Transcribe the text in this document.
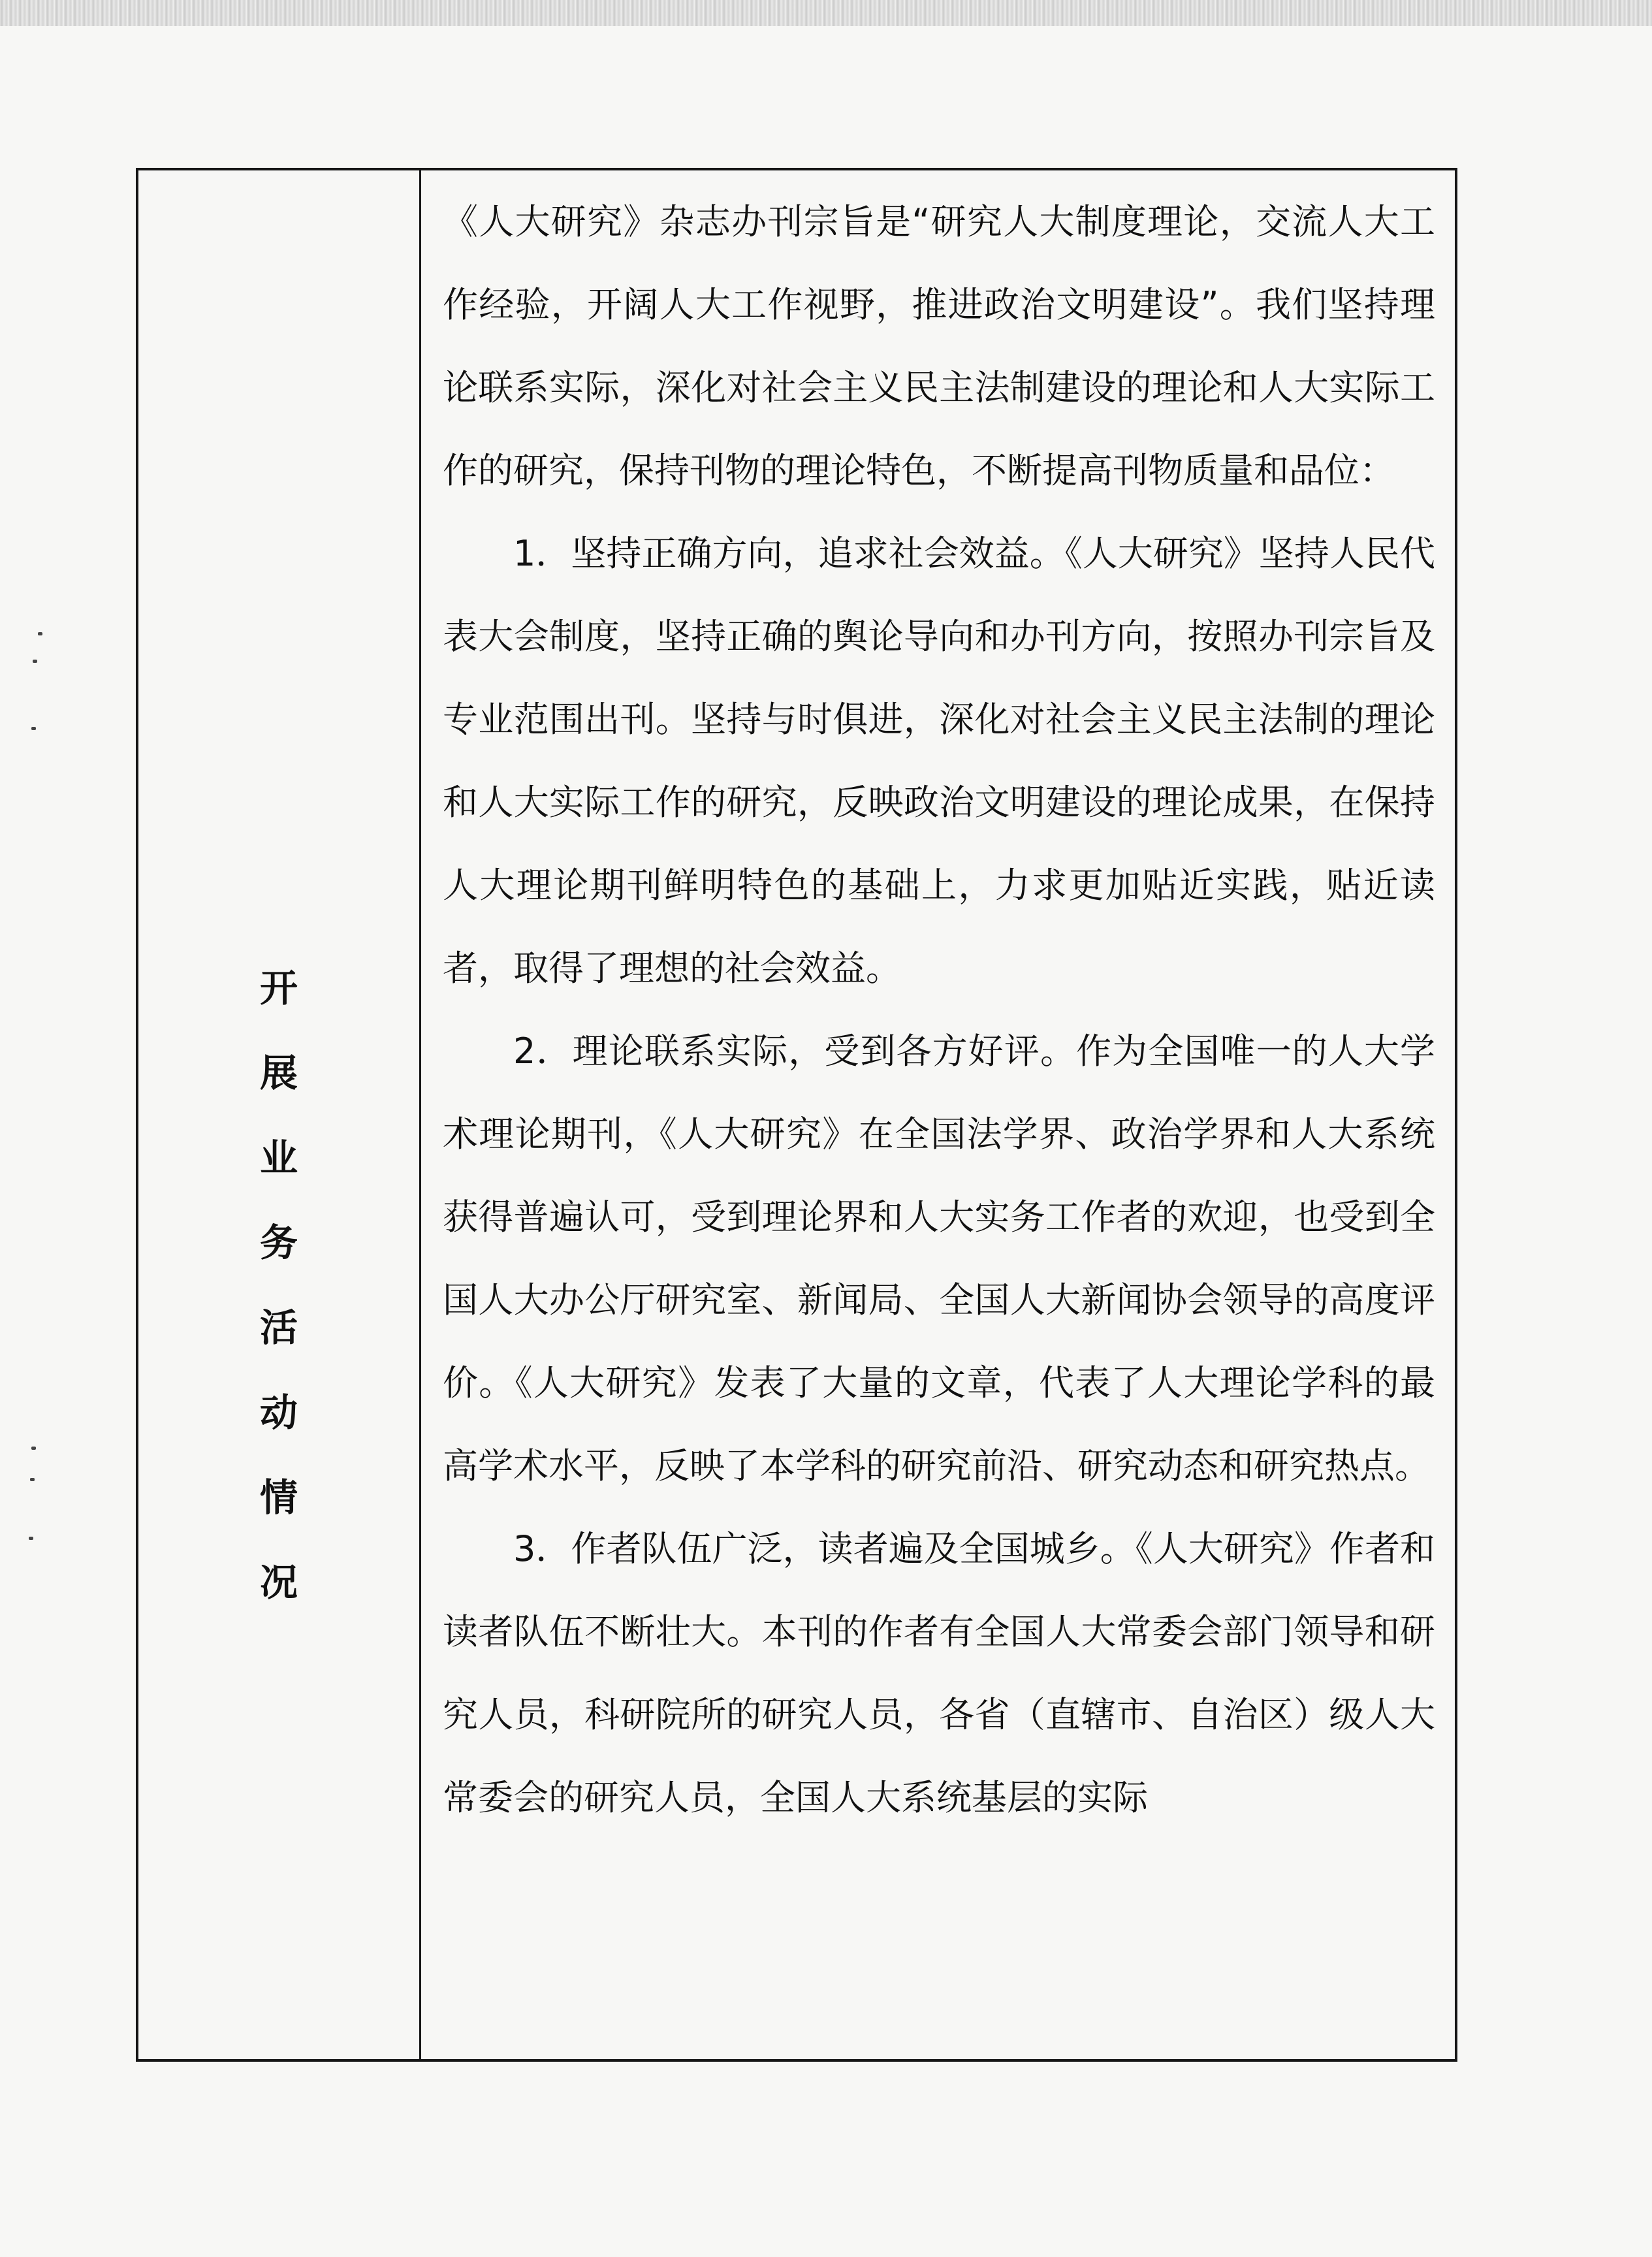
开
展
业
务
活
动
情
况

《人大研究》杂志办刊宗旨是“研究人大制度理论，交流人大工作经验，开阔人大工作视野，推进政治文明建设”。我们坚持理论联系实际，深化对社会主义民主法制建设的理论和人大实际工作的研究，保持刊物的理论特色，不断提高刊物质量和品位：

1．坚持正确方向，追求社会效益。《人大研究》坚持人民代表大会制度，坚持正确的舆论导向和办刊方向，按照办刊宗旨及专业范围出刊。坚持与时俱进，深化对社会主义民主法制的理论和人大实际工作的研究，反映政治文明建设的理论成果，在保持人大理论期刊鲜明特色的基础上，力求更加贴近实践，贴近读者，取得了理想的社会效益。

2．理论联系实际，受到各方好评。作为全国唯一的人大学术理论期刊，《人大研究》在全国法学界、政治学界和人大系统获得普遍认可，受到理论界和人大实务工作者的欢迎，也受到全国人大办公厅研究室、新闻局、全国人大新闻协会领导的高度评价。《人大研究》发表了大量的文章，代表了人大理论学科的最高学术水平，反映了本学科的研究前沿、研究动态和研究热点。

3．作者队伍广泛，读者遍及全国城乡。《人大研究》作者和读者队伍不断壮大。本刊的作者有全国人大常委会部门领导和研究人员，科研院所的研究人员，各省（直辖市、自治区）级人大常委会的研究人员，全国人大系统基层的实际
